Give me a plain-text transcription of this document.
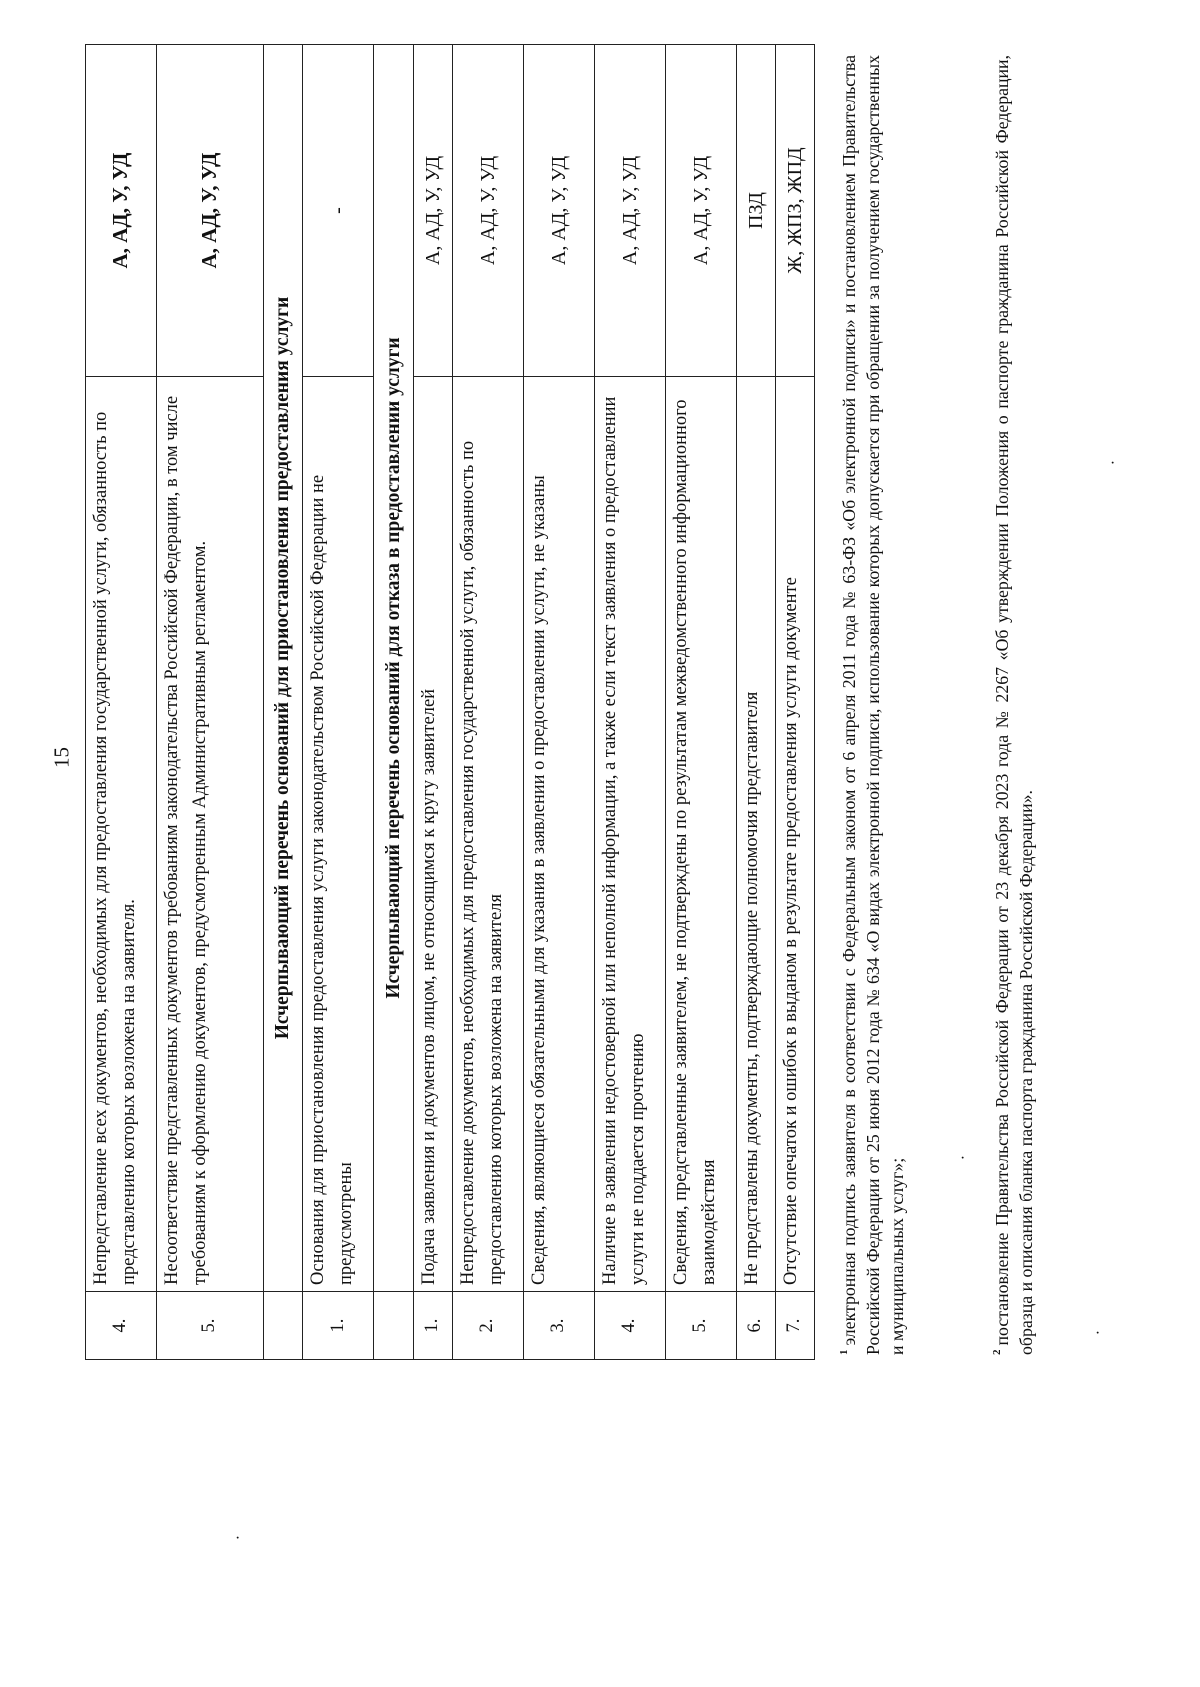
15
4.	Непредставление всех документов, необходимых для предоставления государственной услуги, обязанность по представлению которых возложена на заявителя.	А, АД, У, УД
5.	Несоответствие представленных документов требованиям законодательства Российской Федерации, в том числе требованиям к оформлению документов, предусмотренным Административным регламентом.	А, АД, У, УД
	Исчерпывающий перечень оснований для приостановления предоставления услуги	
1.	Основания для приостановления предоставления услуги законодательством Российской Федерации не предусмотрены	-
	Исчерпывающий перечень оснований для отказа в предоставлении услуги	
1.	Подача заявления и документов лицом, не относящимся к кругу заявителей	А, АД, У, УД
2.	Непредоставление документов, необходимых для предоставления государственной услуги, обязанность по предоставлению которых возложена на заявителя	А, АД, У, УД
3.	Сведения, являющиеся обязательными для указания в заявлении о предоставлении услуги, не указаны	А, АД, У, УД
4.	Наличие в заявлении недостоверной или неполной информации, а также если текст заявления о предоставлении услуги не поддается прочтению	А, АД, У, УД
5.	Сведения, представленные заявителем, не подтверждены по результатам межведомственного информационного взаимодействия	А, АД, У, УД
6.	Не представлены документы, подтверждающие полномочия представителя	ПЗД
7.	Отсутствие опечаток и ошибок в выданом в результате предоставления услуги документе	Ж, ЖПЗ, ЖПД
$^1$электронная подпись заявителя в соответствии с Федеральным законом от 6 апреля 2011 года № 63-ФЗ «Об электронной подписи» и постановлением Правительства Российской Федерации от 25 июня 2012 года № 634 «О видах электронной подписи, использование которых допускается при обращении за получением государственных и муниципальных услуг»;	$^2$постановление Правительства Российской Федерации от 23 декабря 2023 года № 2267 «Об утверждении Положения о паспорте гражданина Российской Федерации, образца и описания бланка паспорта гражданина Российской Федерации».
·
·
·
·
